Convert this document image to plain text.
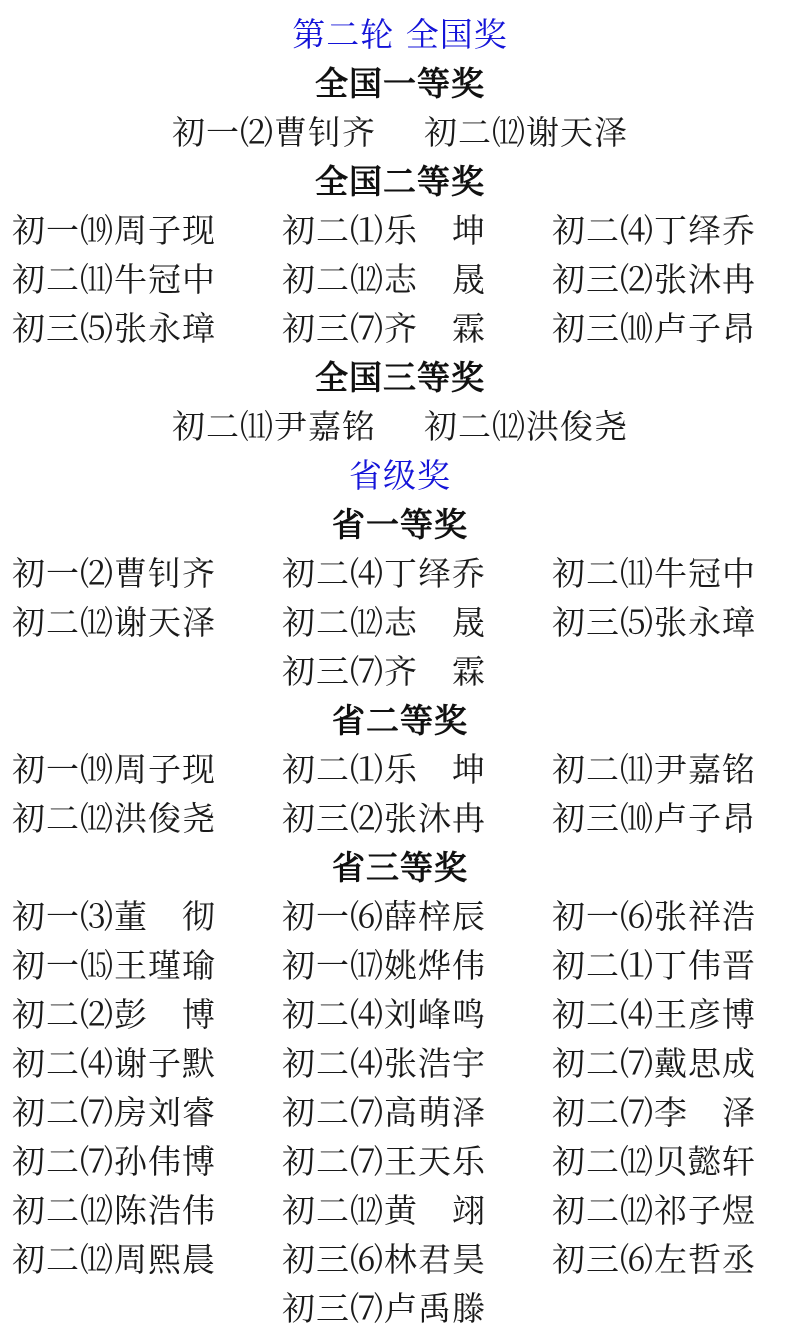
第二轮 全国奖
全国一等奖
初一⑵曹钊齐 初二⑿谢天泽
全国二等奖
初一⒆周子现	初二⑴乐　坤	初二⑷丁绎乔
初二⑾牛冠中	初二⑿志　晟	初三⑵张沐冉
初三⑸张永璋	初三⑺齐　霖	初三⑽卢子昂
全国三等奖
初二⑾尹嘉铭 初二⑿洪俊尧
省级奖
省一等奖
初一⑵曹钊齐	初二⑷丁绎乔	初二⑾牛冠中
初二⑿谢天泽	初二⑿志　晟	初三⑸张永璋
初三⑺齐　霖
省二等奖
初一⒆周子现	初二⑴乐　坤	初二⑾尹嘉铭
初二⑿洪俊尧	初三⑵张沐冉	初三⑽卢子昂
省三等奖
初一⑶董　彻	初一⑹薛梓辰	初一⑹张祥浩
初一⒂王瑾瑜	初一⒄姚烨伟	初二⑴丁伟晋
初二⑵彭　博	初二⑷刘峰鸣	初二⑷王彦博
初二⑷谢子默	初二⑷张浩宇	初二⑺戴思成
初二⑺房刘睿	初二⑺高萌泽	初二⑺李　泽
初二⑺孙伟博	初二⑺王天乐	初二⑿贝懿轩
初二⑿陈浩伟	初二⑿黄　翊	初二⑿祁子煜
初二⑿周熙晨	初三⑹林君昊	初三⑹左哲丞
初三⑺卢禹滕
